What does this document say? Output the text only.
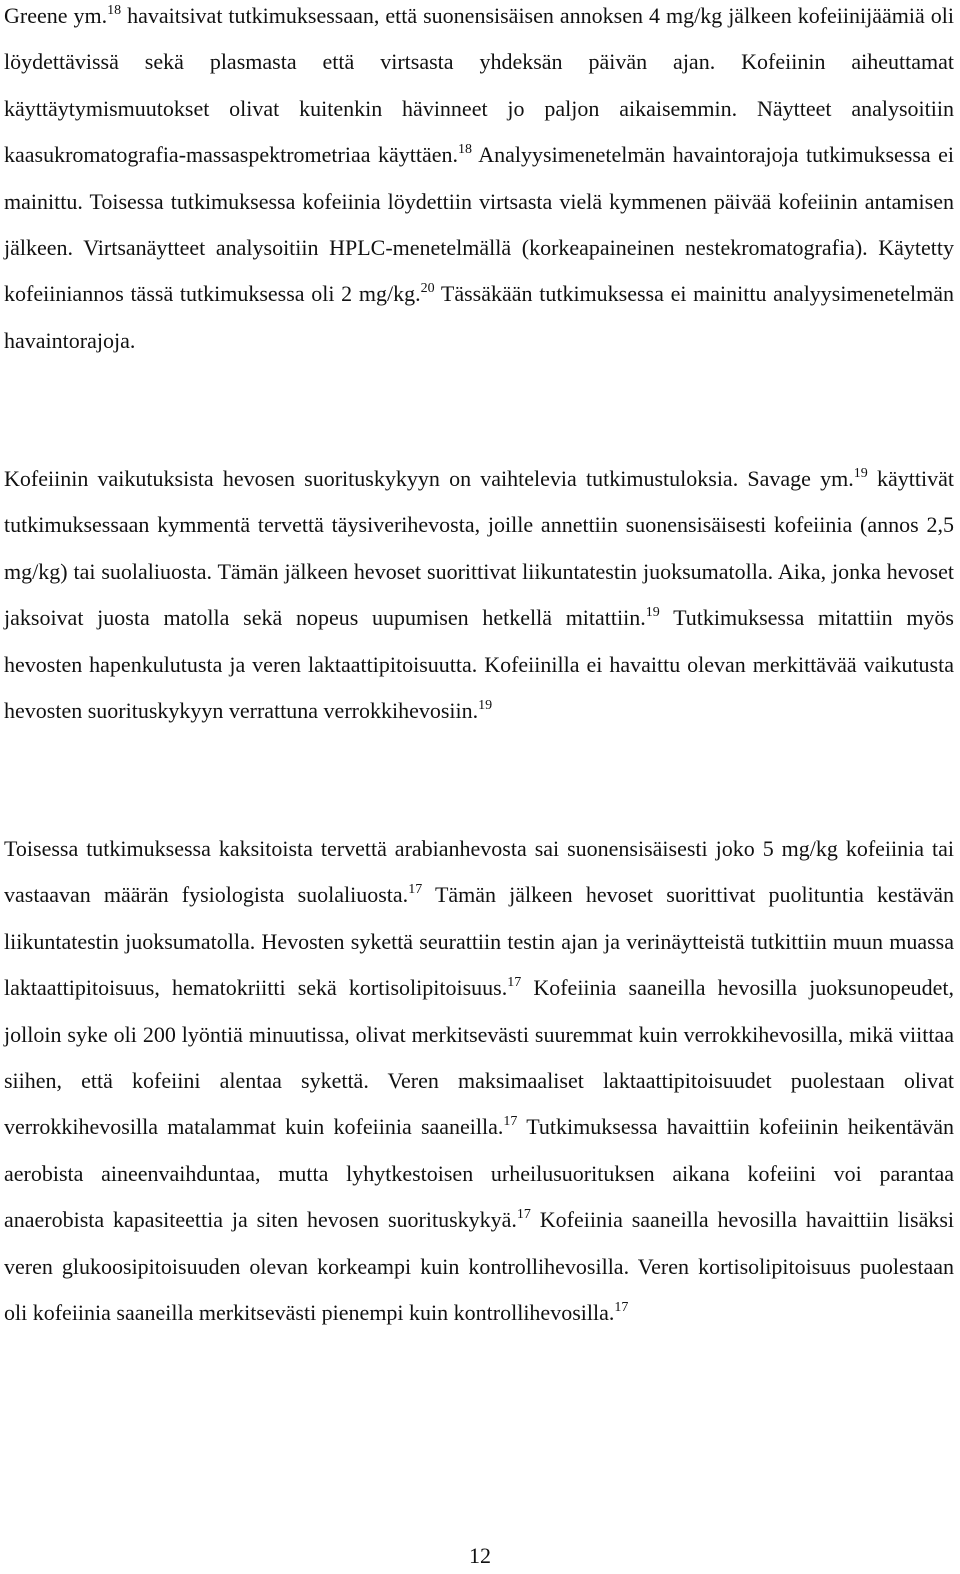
Greene ym.$^{18}$ havaitsivat tutkimuksessaan, että suonensisäisen annoksen 4 mg/kg jälkeen kofeiinijäämiä oli löydettävissä sekä plasmasta että virtsasta yhdeksän päivän ajan. Kofeiinin aiheuttamat käyttäytymismuutokset olivat kuitenkin hävinneet jo paljon aikaisemmin. Näytteet analysoitiin kaasukromatografia-massaspektrometriaa käyttäen.$^{18}$ Analyysimenetelmän havaintorajoja tutkimuksessa ei mainittu. Toisessa tutkimuksessa kofeiinia löydettiin virtsasta vielä kymmenen päivää kofeiinin antamisen jälkeen. Virtsanäytteet analysoitiin HPLC-menetelmällä (korkeapaineinen nestekromatografia). Käytetty kofeiiniannos tässä tutkimuksessa oli 2 mg/kg.$^{20}$ Tässäkään tutkimuksessa ei mainittu analyysimenetelmän havaintorajoja.

Kofeiinin vaikutuksista hevosen suorituskykyyn on vaihtelevia tutkimustuloksia. Savage ym.$^{19}$ käyttivät tutkimuksessaan kymmentä tervettä täysiverihevosta, joille annettiin suonensisäisesti kofeiinia (annos 2,5 mg/kg) tai suolaliuosta. Tämän jälkeen hevoset suorittivat liikuntatestin juoksumatolla. Aika, jonka hevoset jaksoivat juosta matolla sekä nopeus uupumisen hetkellä mitattiin.$^{19}$ Tutkimuksessa mitattiin myös hevosten hapenkulutusta ja veren laktaattipitoisuutta. Kofeiinilla ei havaittu olevan merkittävää vaikutusta hevosten suorituskykyyn verrattuna verrokkihevosiin.$^{19}$

Toisessa tutkimuksessa kaksitoista tervettä arabianhevosta sai suonensisäisesti joko 5 mg/kg kofeiinia tai vastaavan määrän fysiologista suolaliuosta.$^{17}$ Tämän jälkeen hevoset suorittivat puolituntia kestävän liikuntatestin juoksumatolla. Hevosten sykettä seurattiin testin ajan ja verinäytteistä tutkittiin muun muassa laktaattipitoisuus, hematokriitti sekä kortisolipitoisuus.$^{17}$ Kofeiinia saaneilla hevosilla juoksunopeudet, jolloin syke oli 200 lyöntiä minuutissa, olivat merkitsevästi suuremmat kuin verrokkihevosilla, mikä viittaa siihen, että kofeiini alentaa sykettä. Veren maksimaaliset laktaattipitoisuudet puolestaan olivat verrokkihevosilla matalammat kuin kofeiinia saaneilla.$^{17}$ Tutkimuksessa havaittiin kofeiinin heikentävän aerobista aineenvaihduntaa, mutta lyhytkestoisen urheilusuorituksen aikana kofeiini voi parantaa anaerobista kapasiteettia ja siten hevosen suorituskykyä.$^{17}$ Kofeiinia saaneilla hevosilla havaittiin lisäksi veren glukoosipitoisuuden olevan korkeampi kuin kontrollihevosilla. Veren kortisolipitoisuus puolestaan oli kofeiinia saaneilla merkitsevästi pienempi kuin kontrollihevosilla.$^{17}$

12
